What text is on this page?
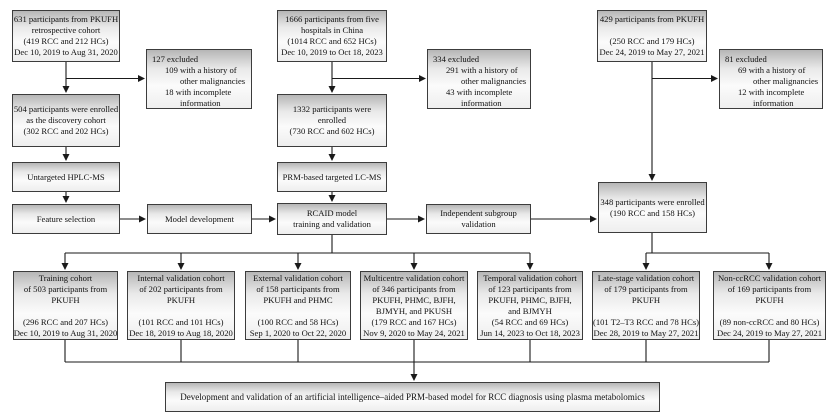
631 participants from PKUFH
retrospective cohort
(419 RCC and 212 HCs)
Dec 10, 2019 to Aug 31, 2020
1666 participants from five
hospitals in China
(1014 RCC and 652 HCs)
Dec 10, 2019 to Oct 18, 2023
429 participants from PKUFH
(250 RCC and 179 HCs)
Dec 24, 2019 to May 27, 2021
127 excluded
109 with a history of
other malignancies
18 with incomplete
information
334 excluded
291 with a history of
other malignancies
43 with incomplete
information
81 excluded
69 with a history of
other malignancies
12 with incomplete
information
504 participants were enrolled
as the discovery cohort
(302 RCC and 202 HCs)
1332 participants were
enrolled
(730 RCC and 602 HCs)
348 participants were enrolled
(190 RCC and 158 HCs)
Untargeted HPLC-MS	PRM-based targeted LC-MS
Feature selection	Model development
RCAID model
training and validation
Independent subgroup
validation
Training cohort
of 503 participants from
PKUFH
(296 RCC and 207 HCs)
Dec 10, 2019 to Aug 31, 2020
Internal validation cohort
of 202 participants from
PKUFH
(101 RCC and 101 HCs)
Dec 18, 2019 to Aug 18, 2020
External validation cohort
of 158 participants from
PKUFH and PHMC
(100 RCC and 58 HCs)
Sep 1, 2020 to Oct 22, 2020
Multicentre validation cohort
of 346 participants from
PKUFH, PHMC, BJFH,
BJMYH, and PKUSH
(179 RCC and 167 HCs)
Nov 9, 2020 to May 24, 2021
Temporal validation cohort
of 123 participants from
PKUFH, PHMC, BJFH,
and BJMYH
(54 RCC and 69 HCs)
Jun 14, 2023 to Oct 18, 2023
Late-stage validation cohort
of 179 participants from
PKUFH
(101 T2–T3 RCC and 78 HCs)
Dec 28, 2019 to May 27, 2021
Non-ccRCC validation cohort
of 169 participants from
PKUFH
(89 non-ccRCC and 80 HCs)
Dec 24, 2019 to May 27, 2021
Development and validation of an artificial intelligence–aided PRM-based model for RCC diagnosis using plasma metabolomics
